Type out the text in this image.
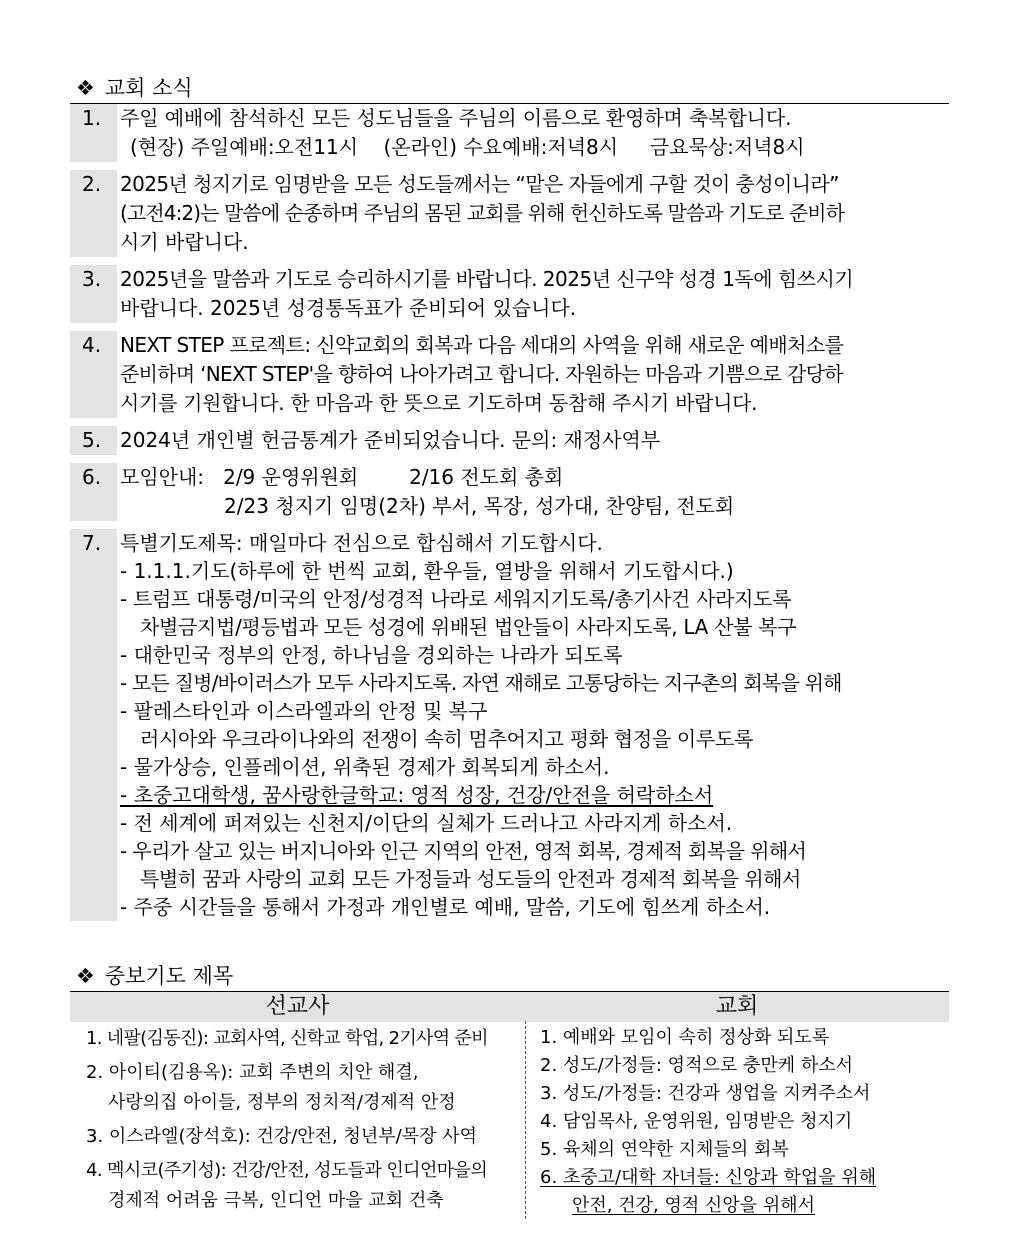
❖ 교회 소식
1. 주일 예배에 참석하신 모든 성도님들을 주님의 이름으로 환영하며 축복합니다.
(현장) 주일예배:오전11시    (온라인) 수요예배:저녁8시     금요묵상:저녁8시
2. 2025년 청지기로 임명받을 모든 성도들께서는 “맡은 자들에게 구할 것이 충성이니라”
(고전4:2)는 말씀에 순종하며 주님의 몸된 교회를 위해 헌신하도록 말씀과 기도로 준비하
시기 바랍니다.
3. 2025년을 말씀과 기도로 승리하시기를 바랍니다. 2025년 신구약 성경 1독에 힘쓰시기
바랍니다. 2025년 성경통독표가 준비되어 있습니다.
4. NEXT STEP 프로젝트: 신약교회의 회복과 다음 세대의 사역을 위해 새로운 예배처소를
준비하며 ‘NEXT STEP'을 향하여 나아가려고 합니다. 자원하는 마음과 기쁨으로 감당하
시기를 기원합니다. 한 마음과 한 뜻으로 기도하며 동참해 주시기 바랍니다.
5. 2024년 개인별 헌금통계가 준비되었습니다. 문의: 재정사역부
6. 모임안내:   2/9 운영위원회        2/16 전도회 총회
2/23 청지기 임명(2차) 부서, 목장, 성가대, 찬양팀, 전도회
7. 특별기도제목: 매일마다 전심으로 합심해서 기도합시다.
- 1.1.1.기도(하루에 한 번씩 교회, 환우들, 열방을 위해서 기도합시다.)
- 트럼프 대통령/미국의 안정/성경적 나라로 세워지기도록/총기사건 사라지도록
차별금지법/평등법과 모든 성경에 위배된 법안들이 사라지도록, LA 산불 복구
- 대한민국 정부의 안정, 하나님을 경외하는 나라가 되도록
- 모든 질병/바이러스가 모두 사라지도록. 자연 재해로 고통당하는 지구촌의 회복을 위해
- 팔레스타인과 이스라엘과의 안정 및 복구
러시아와 우크라이나와의 전쟁이 속히 멈추어지고 평화 협정을 이루도록
- 물가상승, 인플레이션, 위축된 경제가 회복되게 하소서.
- 초중고대학생, 꿈사랑한글학교: 영적 성장, 건강/안전을 허락하소서
- 전 세계에 퍼져있는 신천지/이단의 실체가 드러나고 사라지게 하소서.
- 우리가 살고 있는 버지니아와 인근 지역의 안전, 영적 회복, 경제적 회복을 위해서
특별히 꿈과 사랑의 교회 모든 가정들과 성도들의 안전과 경제적 회복을 위해서
- 주중 시간들을 통해서 가정과 개인별로 예배, 말씀, 기도에 힘쓰게 하소서.
❖ 중보기도 제목
선교사	교회
1. 네팔(김동진): 교회사역, 신학교 학업, 2기사역 준비
2. 아이티(김용옥): 교회 주변의 치안 해결,
사랑의집 아이들, 정부의 정치적/경제적 안정
3. 이스라엘(장석호): 건강/안전, 청년부/목장 사역
4. 멕시코(주기성): 건강/안전, 성도들과 인디언마을의
경제적 어려움 극복, 인디언 마을 교회 건축
1. 예배와 모임이 속히 정상화 되도록
2. 성도/가정들: 영적으로 충만케 하소서
3. 성도/가정들: 건강과 생업을 지켜주소서
4. 담임목사, 운영위원, 임명받은 청지기
5. 육체의 연약한 지체들의 회복
6. 초중고/대학 자녀들: 신앙과 학업을 위해
안전, 건강, 영적 신앙을 위해서
